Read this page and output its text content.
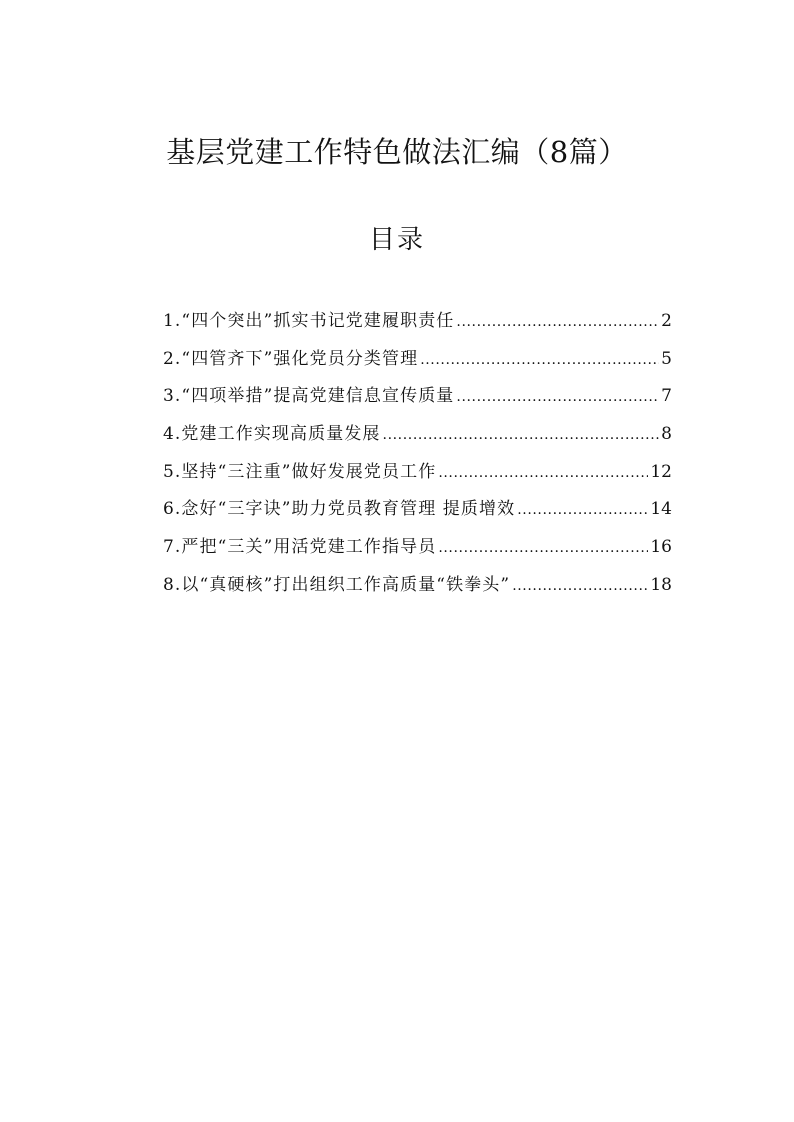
基层党建工作特色做法汇编（8篇）
目录
1.“四个突出”抓实书记党建履职责任 .....	2
2.“四管齐下”强化党员分类管理 .....	5
3.“四项举措”提高党建信息宣传质量 .....	7
4.党建工作实现高质量发展 .....	8
5.坚持“三注重”做好发展党员工作 .....	12
6.念好“三字诀”助力党员教育管理 提质增效 .....	14
7.严把“三关”用活党建工作指导员 .....	16
8.以“真硬核”打出组织工作高质量“铁拳头” .....	18
